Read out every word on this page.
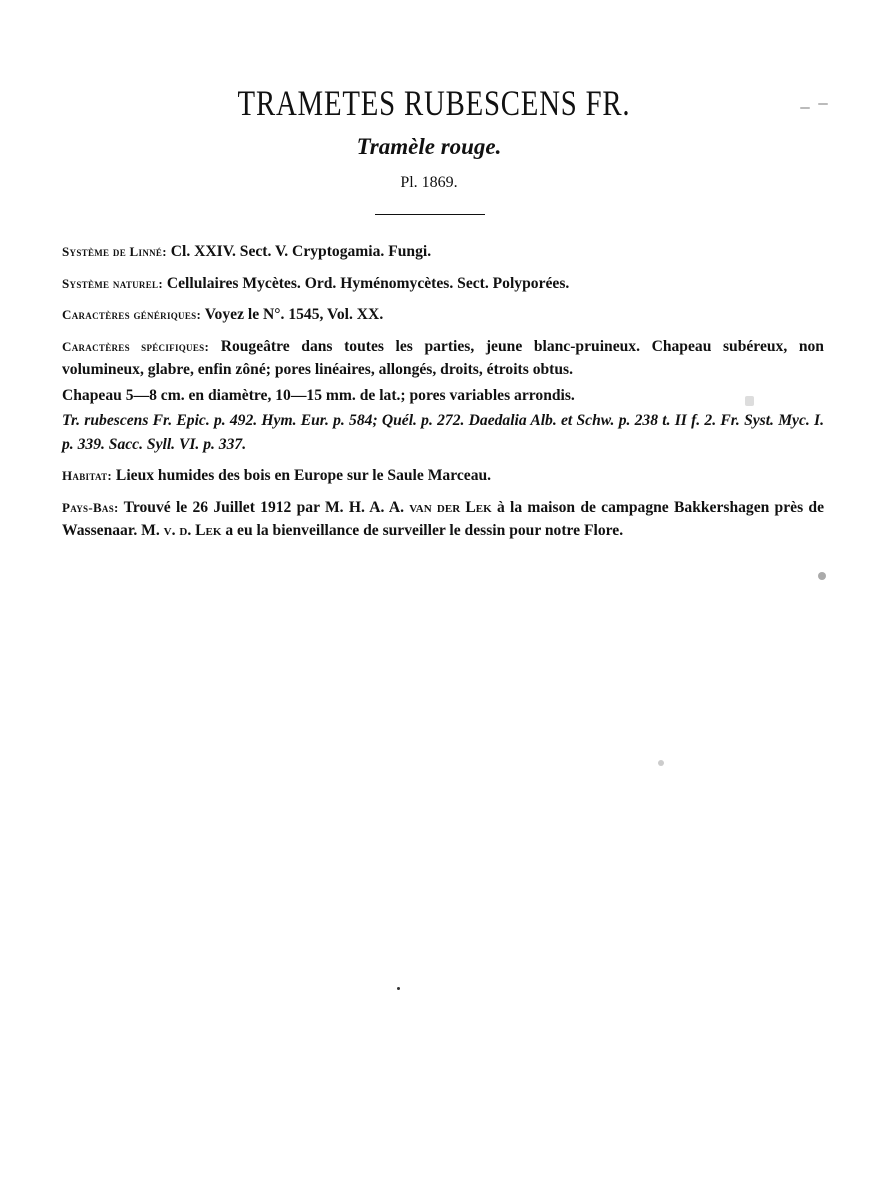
TRAMETES RUBESCENS FR.
Tramèle rouge.
Pl. 1869.

Système de Linné: Cl. XXIV. Sect. V. Cryptogamia. Fungi.

Système naturel: Cellulaires Mycètes. Ord. Hyménomycètes. Sect. Polyporées.

Caractères génériques: Voyez le N°. 1545, Vol. XX.

Caractères spécifiques: Rougeâtre dans toutes les parties, jeune blanc-pruineux. Chapeau subéreux, non volumineux, glabre, enfin zôné; pores linéaires, allongés, droits, étroits obtus.

Chapeau 5—8 cm. en diamètre, 10—15 mm. de lat.; pores variables arrondis.

Tr. rubescens Fr. Epic. p. 492. Hym. Eur. p. 584; Quél. p. 272. Daedalia Alb. et Schw. p. 238 t. II f. 2. Fr. Syst. Myc. I. p. 339. Sacc. Syll. VI. p. 337.

Habitat: Lieux humides des bois en Europe sur le Saule Marceau.

Pays-Bas: Trouvé le 26 Juillet 1912 par M. H. A. A. van der Lek à la maison de campagne Bakkershagen près de Wassenaar. M. v. d. Lek a eu la bienveillance de surveiller le dessin pour notre Flore.
